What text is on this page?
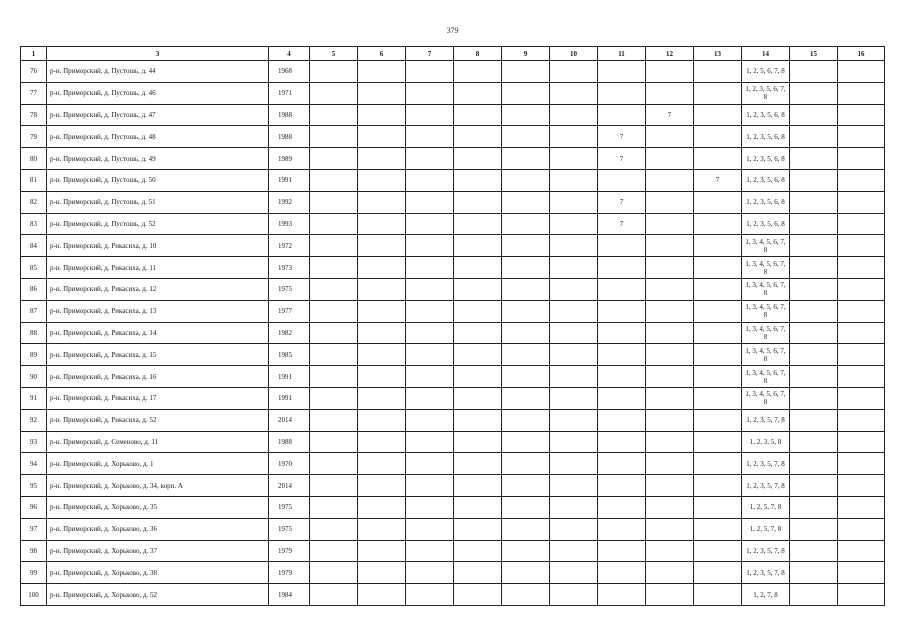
379
1	3	4	5	6	7	8	9	10	11	12	13	14	15	16
76	р-н. Приморский, д. Пустошь, д. 44	1968										1, 2, 5, 6, 7, 8		
77	р-н. Приморский, д. Пустошь, д. 46	1971										1, 2, 3, 5, 6, 7, 8		
78	р-н. Приморский, д. Пустошь, д. 47	1988								7		1, 2, 3, 5, 6, 8		
79	р-н. Приморский, д. Пустошь, д. 48	1988							7			1, 2, 3, 5, 6, 8		
80	р-н. Приморский, д. Пустошь, д. 49	1989							7			1, 2, 3, 5, 6, 8		
81	р-н. Приморский, д. Пустошь, д. 50	1991									7	1, 2, 3, 5, 6, 8		
82	р-н. Приморский, д. Пустошь, д. 51	1992							7			1, 2, 3, 5, 6, 8		
83	р-н. Приморский, д. Пустошь, д. 52	1993							7			1, 2, 3, 5, 6, 8		
84	р-н. Приморский, д. Рикасиха, д. 10	1972										1, 3, 4, 5, 6, 7, 8		
85	р-н. Приморский, д. Рикасиха, д. 11	1973										1, 3, 4, 5, 6, 7, 8		
86	р-н. Приморский, д. Рикасиха, д. 12	1975										1, 3, 4, 5, 6, 7, 8		
87	р-н. Приморский, д. Рикасиха, д. 13	1977										1, 3, 4, 5, 6, 7, 8		
88	р-н. Приморский, д. Рикасиха, д. 14	1982										1, 3, 4, 5, 6, 7, 8		
89	р-н. Приморский, д. Рикасиха, д. 15	1985										1, 3, 4, 5, 6, 7, 8		
90	р-н. Приморский, д. Рикасиха, д. 16	1991										1, 3, 4, 5, 6, 7, 8		
91	р-н. Приморский, д. Рикасиха, д. 17	1991										1, 3, 4, 5, 6, 7, 8		
92	р-н. Приморский, д. Рикасиха, д. 52	2014										1, 2, 3, 5, 7, 8		
93	р-н. Приморский, д. Семеново, д. 11	1988										1, 2, 3, 5, 8		
94	р-н. Приморский, д. Хорьково, д. 1	1970										1, 2, 3, 5, 7, 8		
95	р-н. Приморский, д. Хорьково, д. 34, корп. А	2014										1, 2, 3, 5, 7, 8		
96	р-н. Приморский, д. Хорьково, д. 35	1975										1, 2, 5, 7, 8		
97	р-н. Приморский, д. Хорьково, д. 36	1975										1, 2, 5, 7, 8		
98	р-н. Приморский, д. Хорьково, д. 37	1979										1, 2, 3, 5, 7, 8		
99	р-н. Приморский, д. Хорьково, д. 38	1979										1, 2, 3, 5, 7, 8		
100	р-н. Приморский, д. Хорьково, д. 52	1984										1, 2, 7, 8		
